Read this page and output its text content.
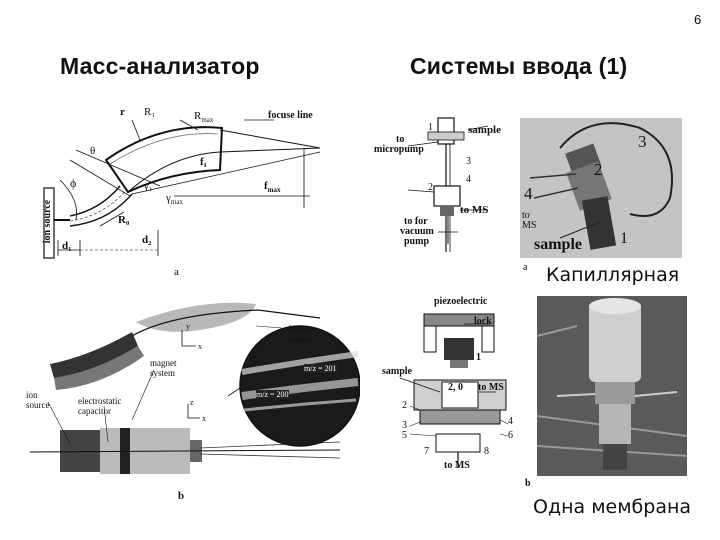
6
Масс-анализатор	Системы ввода (1)
r R₁	$R_{max}$	focuse line
θ
f₁
ϕ	γ₁	$f_{max}$
$\gamma_{max}$
ion source	R₀
d₁	d₂
a
focuse
region
y
x
magnet
system
ion
source	electrostatic
capacitor
z
x
m/z = 201
m/z = 200
b
1	sample
to
micropump
3
2
4
to MS
to for
vacuum
pump
3
2
4
to
MS
sample 1
a Капиллярная
piezoelectric
lock
1
sample
2, 0 to MS
2
3
5
4
6
7	8
to MS
b
Одна мембрана
